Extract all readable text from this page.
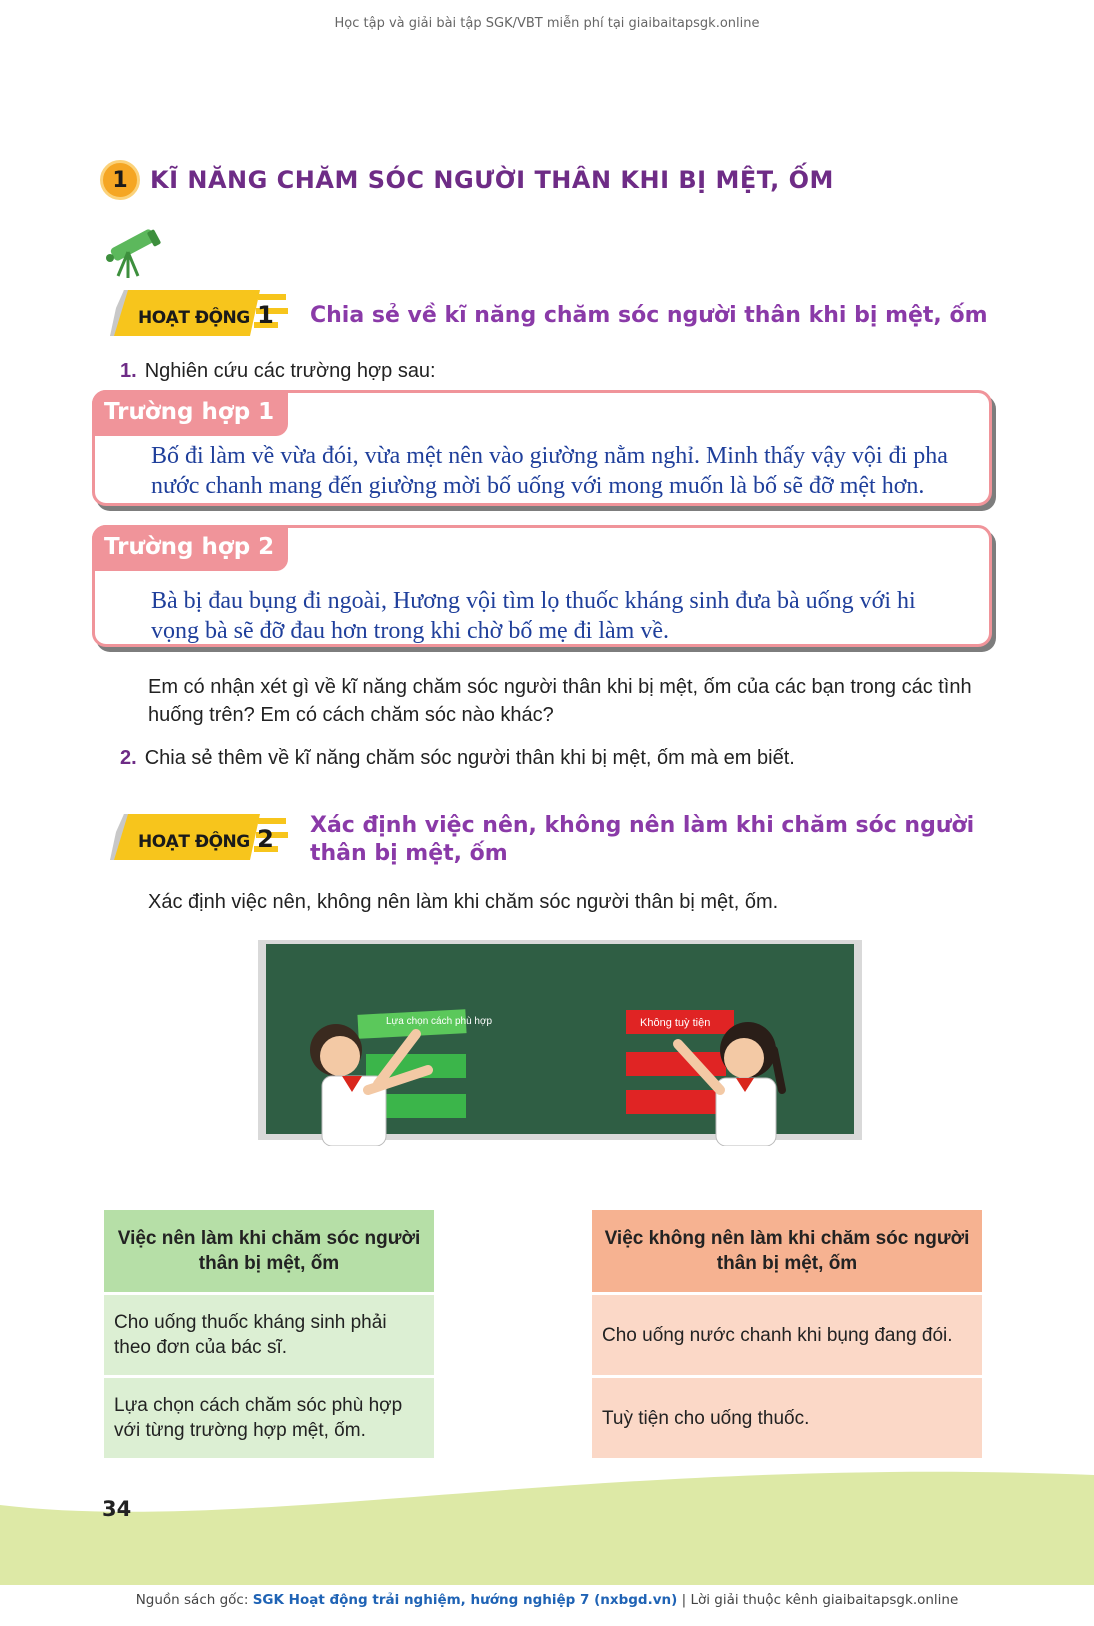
Học tập và giải bài tập SGK/VBT miễn phí tại giaibaitapsgk.online
1 KĨ NĂNG CHĂM SÓC NGƯỜI THÂN KHI BỊ MỆT, ỐM
HOẠT ĐỘNG 1 Chia sẻ về kĩ năng chăm sóc người thân khi bị mệt, ốm
1. Nghiên cứu các trường hợp sau:
Trường hợp 1
Bố đi làm về vừa đói, vừa mệt nên vào giường nằm nghỉ. Minh thấy vậy vội đi pha nước chanh mang đến giường mời bố uống với mong muốn là bố sẽ đỡ mệt hơn.
Trường hợp 2
Bà bị đau bụng đi ngoài, Hương vội tìm lọ thuốc kháng sinh đưa bà uống với hi vọng bà sẽ đỡ đau hơn trong khi chờ bố mẹ đi làm về.
Em có nhận xét gì về kĩ năng chăm sóc người thân khi bị mệt, ốm của các bạn trong các tình huống trên? Em có cách chăm sóc nào khác?
2. Chia sẻ thêm về kĩ năng chăm sóc người thân khi bị mệt, ốm mà em biết.
HOẠT ĐỘNG 2 Xác định việc nên, không nên làm khi chăm sóc người thân bị mệt, ốm
Xác định việc nên, không nên làm khi chăm sóc người thân bị mệt, ốm.
Lựa chọn cách phù hợp	Không tuỳ tiện
Việc nên làm khi chăm sóc người thân bị mệt, ốm
Cho uống thuốc kháng sinh phải theo đơn của bác sĩ.
Lựa chọn cách chăm sóc phù hợp với từng trường hợp mệt, ốm.
Việc không nên làm khi chăm sóc người thân bị mệt, ốm
Cho uống nước chanh khi bụng đang đói.
Tuỳ tiện cho uống thuốc.
34
Nguồn sách gốc: SGK Hoạt động trải nghiệm, hướng nghiệp 7 (nxbgd.vn) | Lời giải thuộc kênh giaibaitapsgk.online
